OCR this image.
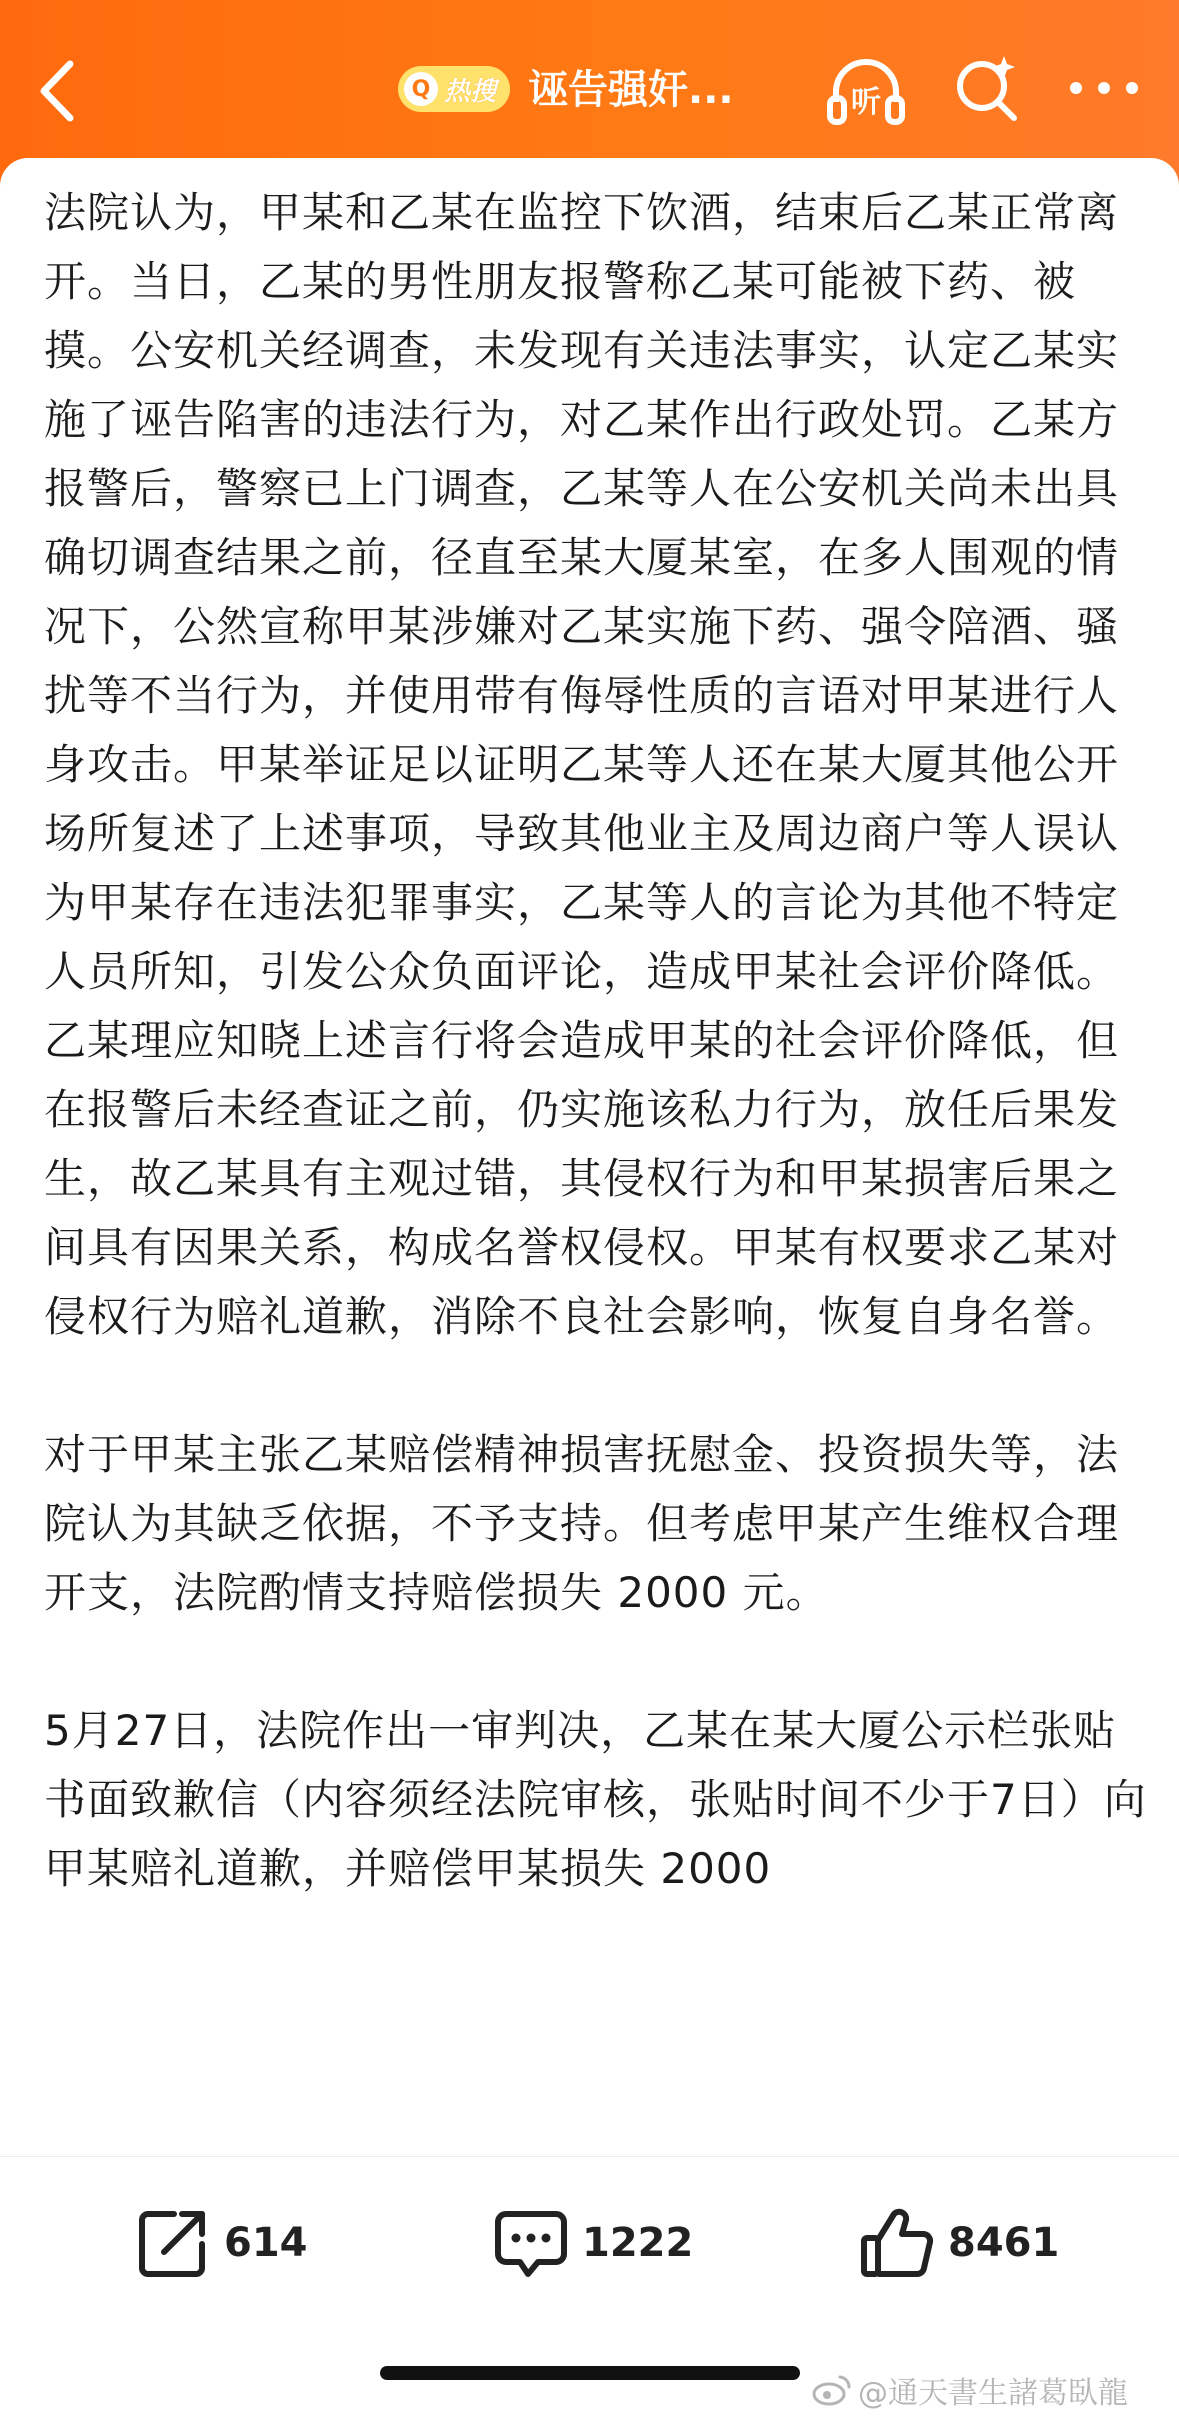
Q 热搜 诬告强奸...	听

法院认为，甲某和乙某在监控下饮酒，结束后乙某正常离开。当日，乙某的男性朋友报警称乙某可能被下药、被摸。公安机关经调查，未发现有关违法事实，认定乙某实施了诬告陷害的违法行为，对乙某作出行政处罚。乙某方报警后，警察已上门调查，乙某等人在公安机关尚未出具确切调查结果之前，径直至某大厦某室，在多人围观的情况下，公然宣称甲某涉嫌对乙某实施下药、强令陪酒、骚扰等不当行为，并使用带有侮辱性质的言语对甲某进行人身攻击。甲某举证足以证明乙某等人还在某大厦其他公开场所复述了上述事项，导致其他业主及周边商户等人误认为甲某存在违法犯罪事实，乙某等人的言论为其他不特定人员所知，引发公众负面评论，造成甲某社会评价降低。乙某理应知晓上述言行将会造成甲某的社会评价降低，但在报警后未经查证之前，仍实施该私力行为，放任后果发生，故乙某具有主观过错，其侵权行为和甲某损害后果之间具有因果关系，构成名誉权侵权。甲某有权要求乙某对侵权行为赔礼道歉，消除不良社会影响，恢复自身名誉。

对于甲某主张乙某赔偿精神损害抚慰金、投资损失等，法院认为其缺乏依据，不予支持。但考虑甲某产生维权合理开支，法院酌情支持赔偿损失 2000 元。

5月27日，法院作出一审判决，乙某在某大厦公示栏张贴书面致歉信（内容须经法院审核，张贴时间不少于7日）向甲某赔礼道歉，并赔偿甲某损失 2000

614	1222	8461
@通天書生諸葛臥龍
